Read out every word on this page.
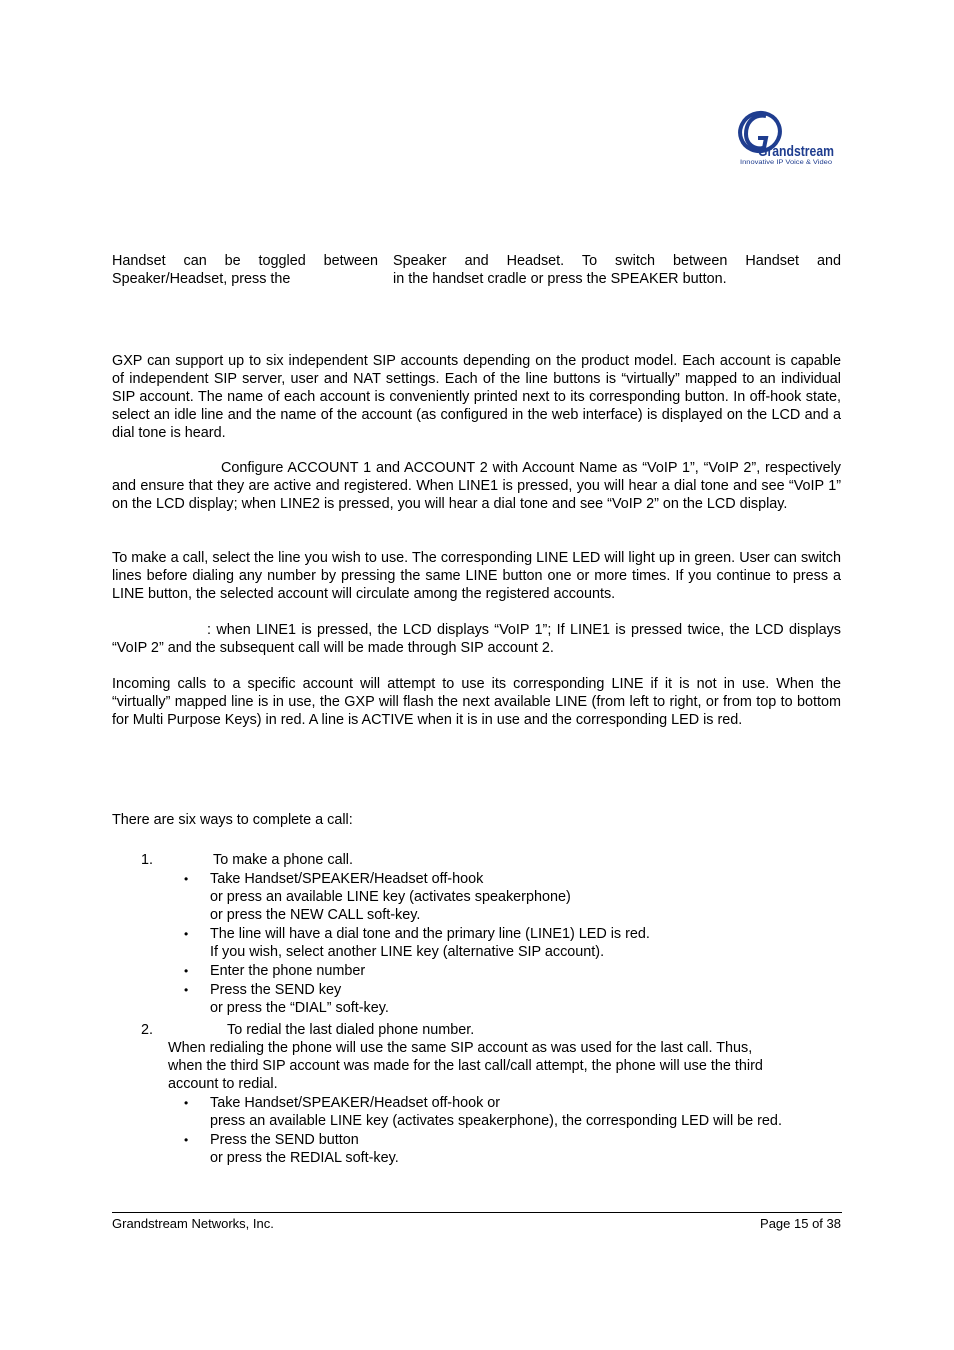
Grandstream
Innovative IP Voice & Video
Handset can be toggled between Speaker and Headset. To switch between Handset and
Speaker/Headset, press the	in the handset cradle or press the SPEAKER button.

GXP can support up to six independent SIP accounts depending on the product model. Each account is capable of independent SIP server, user and NAT settings. Each of the line buttons is “virtually” mapped to an individual SIP account. The name of each account is conveniently printed next to its corresponding button. In off-hook state, select an idle line and the name of the account (as configured in the web interface) is displayed on the LCD and a dial tone is heard.

Configure ACCOUNT 1 and ACCOUNT 2 with Account Name as “VoIP 1”, “VoIP 2”, respectively and ensure that they are active and registered. When LINE1 is pressed, you will hear a dial tone and see “VoIP 1” on the LCD display; when LINE2 is pressed, you will hear a dial tone and see “VoIP 2” on the LCD display.

To make a call, select the line you wish to use. The corresponding LINE LED will light up in green. User can switch lines before dialing any number by pressing the same LINE button one or more times. If you continue to press a LINE button, the selected account will circulate among the registered accounts.

: when LINE1 is pressed, the LCD displays “VoIP 1”; If LINE1 is pressed twice, the LCD displays “VoIP 2” and the subsequent call will be made through SIP account 2.

Incoming calls to a specific account will attempt to use its corresponding LINE if it is not in use. When the “virtually” mapped line is in use, the GXP will flash the next available LINE (from left to right, or from top to bottom for Multi Purpose Keys) in red. A line is ACTIVE when it is in use and the corresponding LED is red.

There are six ways to complete a call:
1.	To make a phone call.
• Take Handset/SPEAKER/Headset off-hook
or press an available LINE key (activates speakerphone)
or press the NEW CALL soft-key.
• The line will have a dial tone and the primary line (LINE1) LED is red.
If you wish, select another LINE key (alternative SIP account).
• Enter the phone number
• Press the SEND key
or press the “DIAL” soft-key.
2.	To redial the last dialed phone number.
When redialing the phone will use the same SIP account as was used for the last call. Thus,
when the third SIP account was made for the last call/call attempt, the phone will use the third
account to redial.
• Take Handset/SPEAKER/Headset off-hook or
press an available LINE key (activates speakerphone), the corresponding LED will be red.
• Press the SEND button
or press the REDIAL soft-key.
Grandstream Networks, Inc.	Page 15 of 38
